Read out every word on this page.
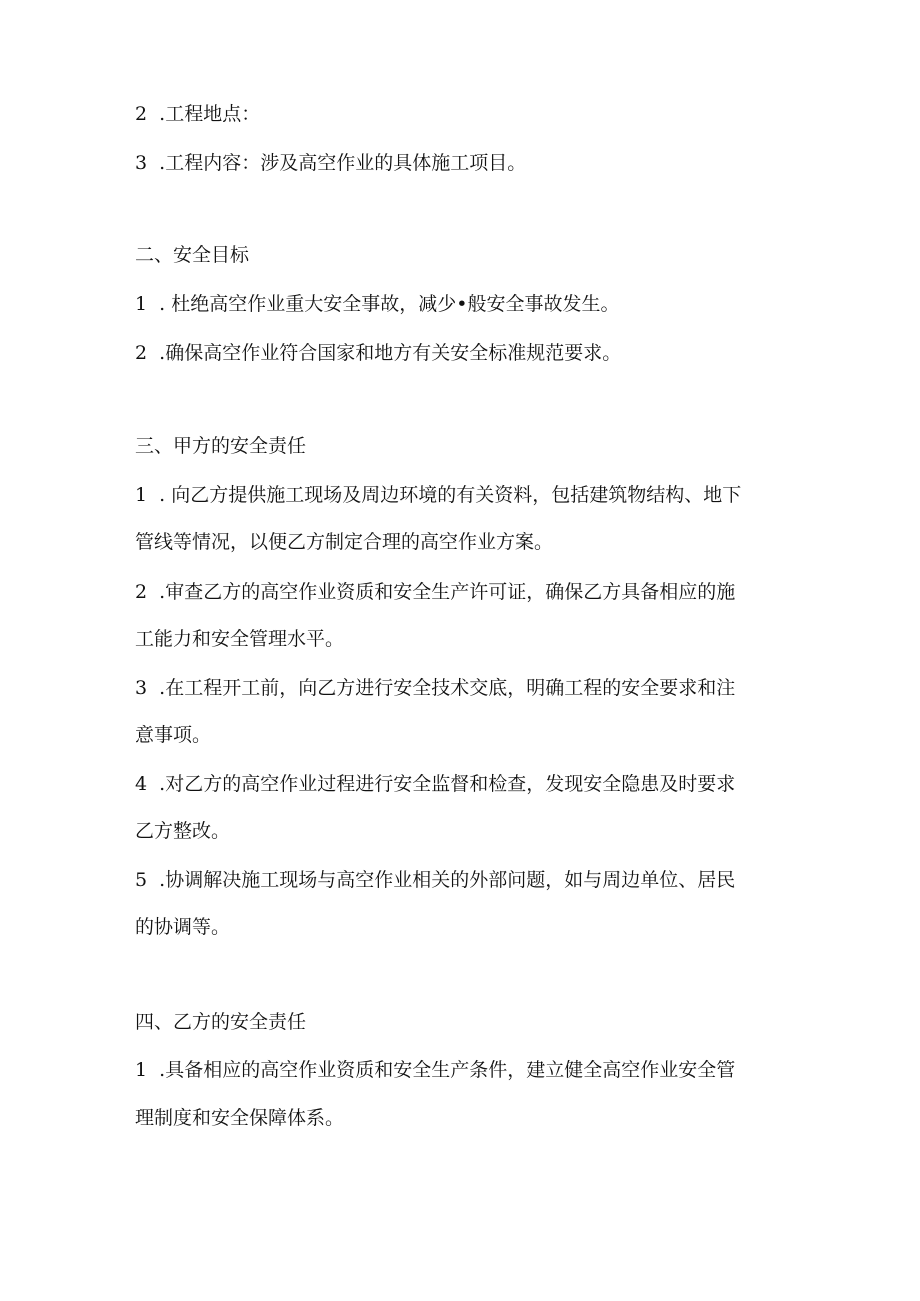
2  .工程地点：
3  .工程内容：涉及高空作业的具体施工项目。
二、安全目标
1  . 杜绝高空作业重大安全事故，减少•般安全事故发生。
2  .确保高空作业符合国家和地方有关安全标准规范要求。
三、甲方的安全责任
1  . 向乙方提供施工现场及周边环境的有关资料，包括建筑物结构、地下
管线等情况，以便乙方制定合理的高空作业方案。
2  .审查乙方的高空作业资质和安全生产许可证，确保乙方具备相应的施
工能力和安全管理水平。
3  .在工程开工前，向乙方进行安全技术交底，明确工程的安全要求和注
意事项。
4  .对乙方的高空作业过程进行安全监督和检查，发现安全隐患及时要求
乙方整改。
5  .协调解决施工现场与高空作业相关的外部问题，如与周边单位、居民
的协调等。
四、乙方的安全责任
1  .具备相应的高空作业资质和安全生产条件，建立健全高空作业安全管
理制度和安全保障体系。
